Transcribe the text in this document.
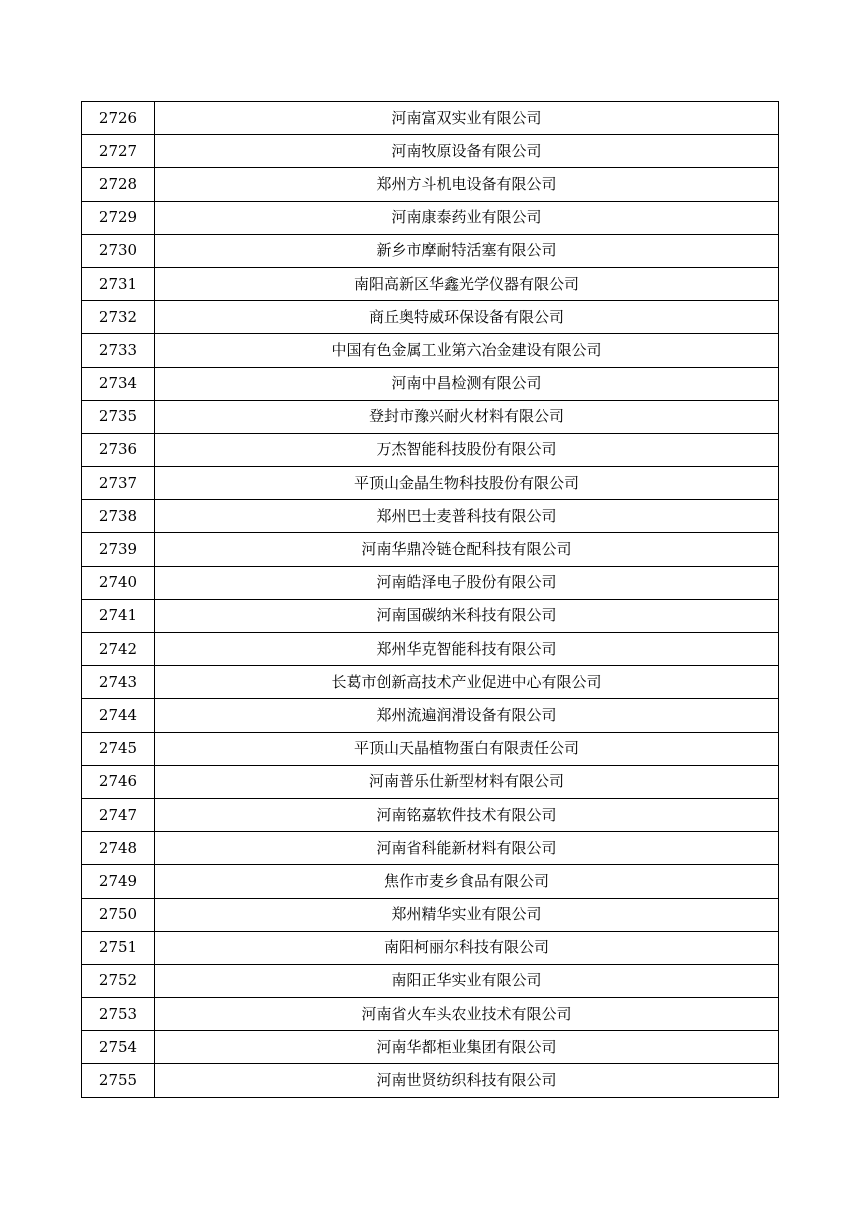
2726	河南富双实业有限公司
2727	河南牧原设备有限公司
2728	郑州方斗机电设备有限公司
2729	河南康泰药业有限公司
2730	新乡市摩耐特活塞有限公司
2731	南阳高新区华鑫光学仪器有限公司
2732	商丘奥特威环保设备有限公司
2733	中国有色金属工业第六冶金建设有限公司
2734	河南中昌检测有限公司
2735	登封市豫兴耐火材料有限公司
2736	万杰智能科技股份有限公司
2737	平顶山金晶生物科技股份有限公司
2738	郑州巴士麦普科技有限公司
2739	河南华鼎冷链仓配科技有限公司
2740	河南皓泽电子股份有限公司
2741	河南国碳纳米科技有限公司
2742	郑州华克智能科技有限公司
2743	长葛市创新高技术产业促进中心有限公司
2744	郑州流遍润滑设备有限公司
2745	平顶山天晶植物蛋白有限责任公司
2746	河南普乐仕新型材料有限公司
2747	河南铭嘉软件技术有限公司
2748	河南省科能新材料有限公司
2749	焦作市麦乡食品有限公司
2750	郑州精华实业有限公司
2751	南阳柯丽尔科技有限公司
2752	南阳正华实业有限公司
2753	河南省火车头农业技术有限公司
2754	河南华都柜业集团有限公司
2755	河南世贤纺织科技有限公司
